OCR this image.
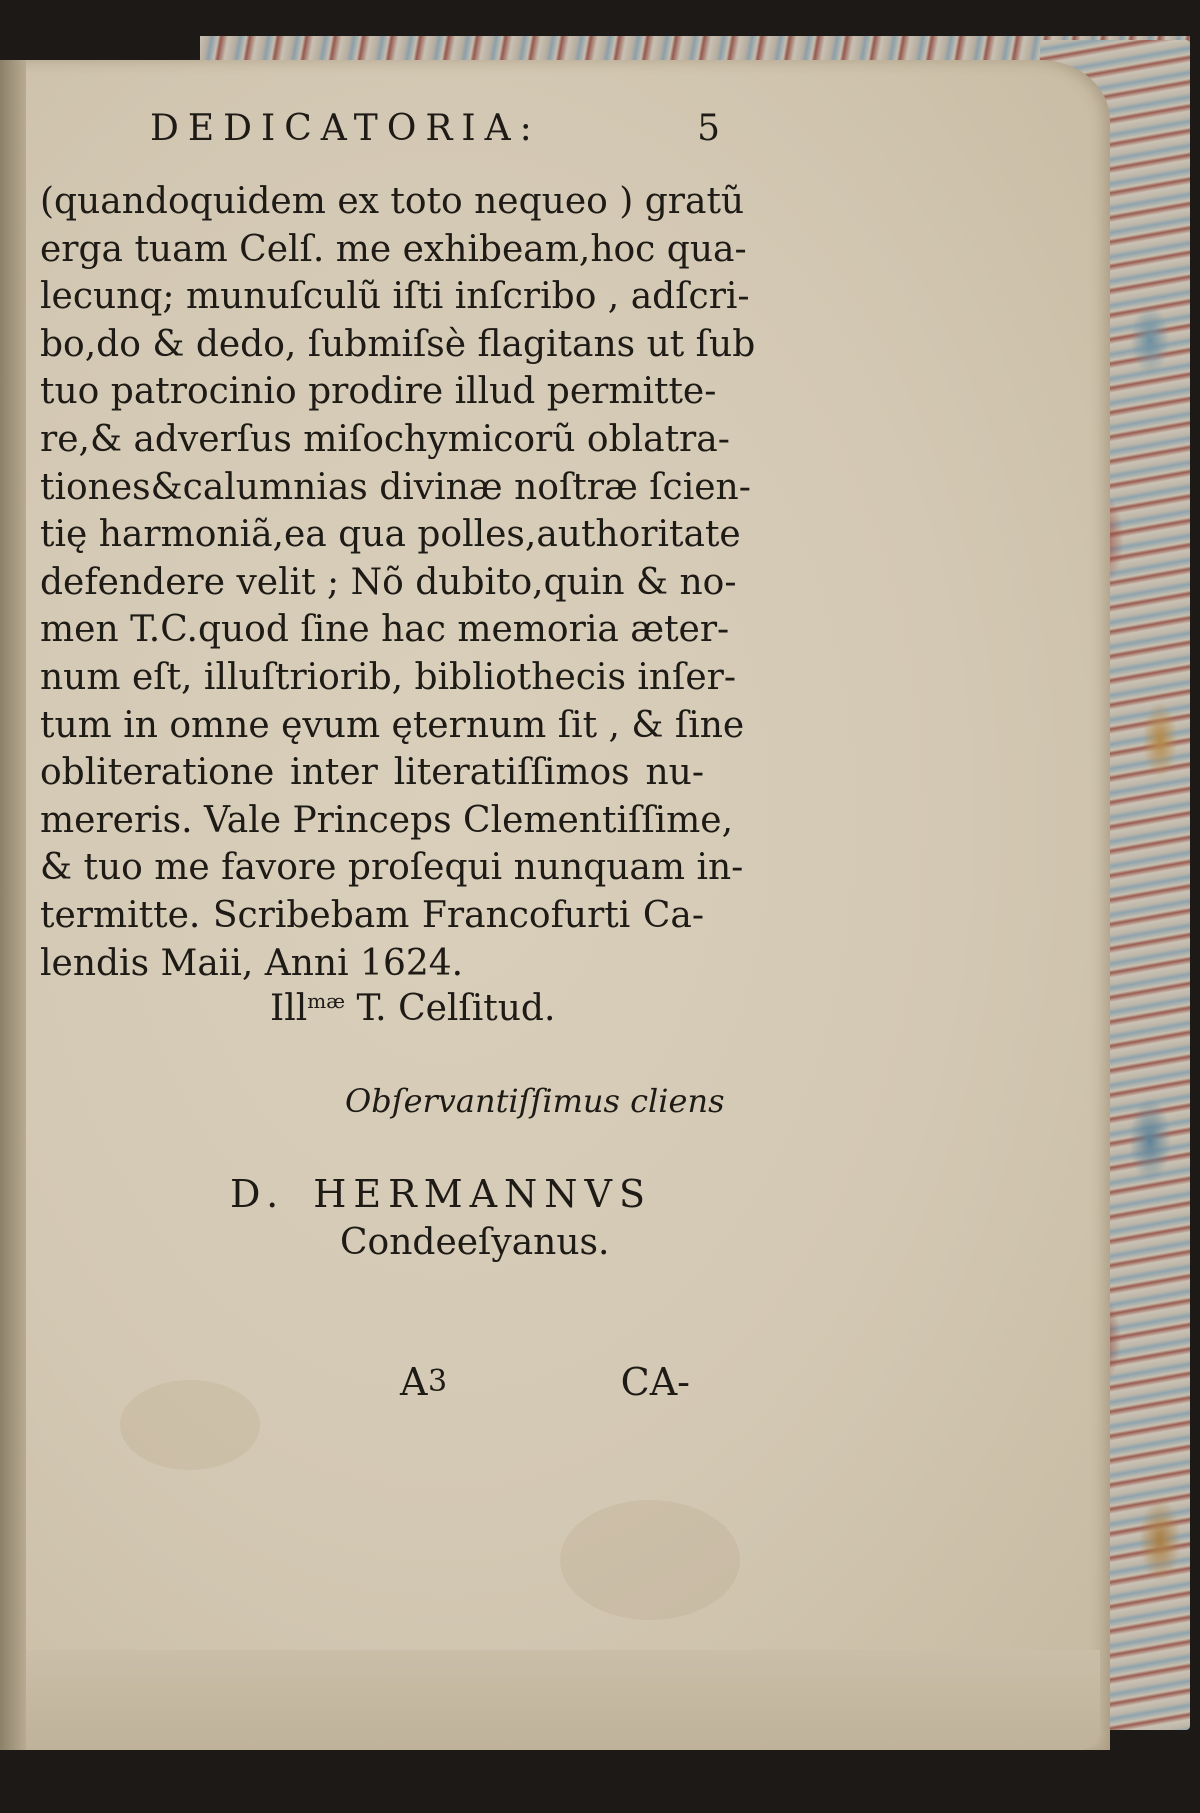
DEDICATORIA:	5
(quandoquidem ex toto nequeo ) gratũ
erga tuam Celſ. me exhibeam,hoc qua-
lecunq; munuſculũ iſti inſcribo , adſcri-
bo,do & dedo, ſubmiſsè flagitans ut ſub
tuo patrocinio prodire illud permitte-
re,& adverſus miſochymicorũ oblatra-
tiones&calumnias divinæ noſtræ ſcien-
tię harmoniã,ea qua polles,authoritate
defendere velit ; Nõ dubito,quin & no-
men T.C.quod ſine hac memoria æter-
num eſt, illuſtriorib, bibliothecis inſer-
tum in omne ęvum ęternum ſit , & ſine
obliteratione inter literatiſſimos nu-
mereris. Vale Princeps Clementiſſime,
& tuo me favore proſequi nunquam in-
termitte. Scribebam Francofurti Ca-
lendis Maii, Anni 1624.
Ill$^{mæ}$ T. Celſitud.
Obſervantiſſimus cliens
D. HERMANNVS
Condeeſyanus.
A 3	CA-
